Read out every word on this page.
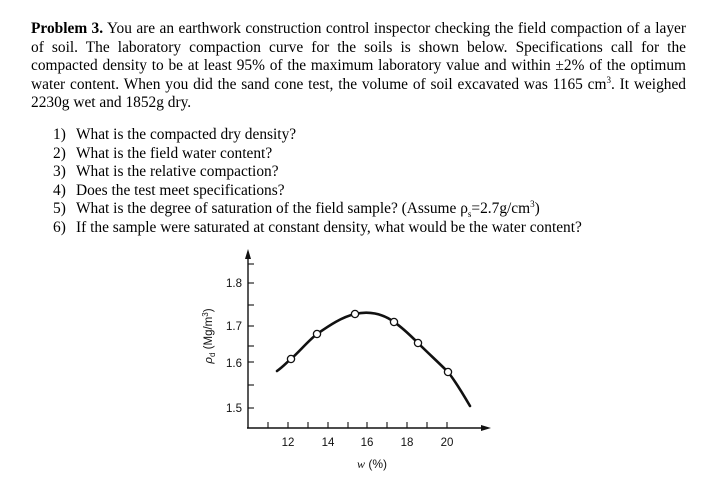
Problem 3. You are an earthwork construction control inspector checking the field compaction of a layer of soil. The laboratory compaction curve for the soils is shown below. Specifications call for the compacted density to be at least 95% of the maximum laboratory value and within ±2% of the optimum water content. When you did the sand cone test, the volume of soil excavated was 1165 $cm^3$. It weighed 2230g wet and 1852g dry.

1) What is the compacted dry density?
2) What is the field water content?
3) What is the relative compaction?
4) Does the test meet specifications?
5) What is the degree of saturation of the field sample? (Assume $\rho_s=2.7g/cm^3$)
6) If the sample were saturated at constant density, what would be the water content?
1.8
1.7
1.6
1.5
12 14 16 18 20
w (%)
$\rho_d$ $(Mg/m^3)$
